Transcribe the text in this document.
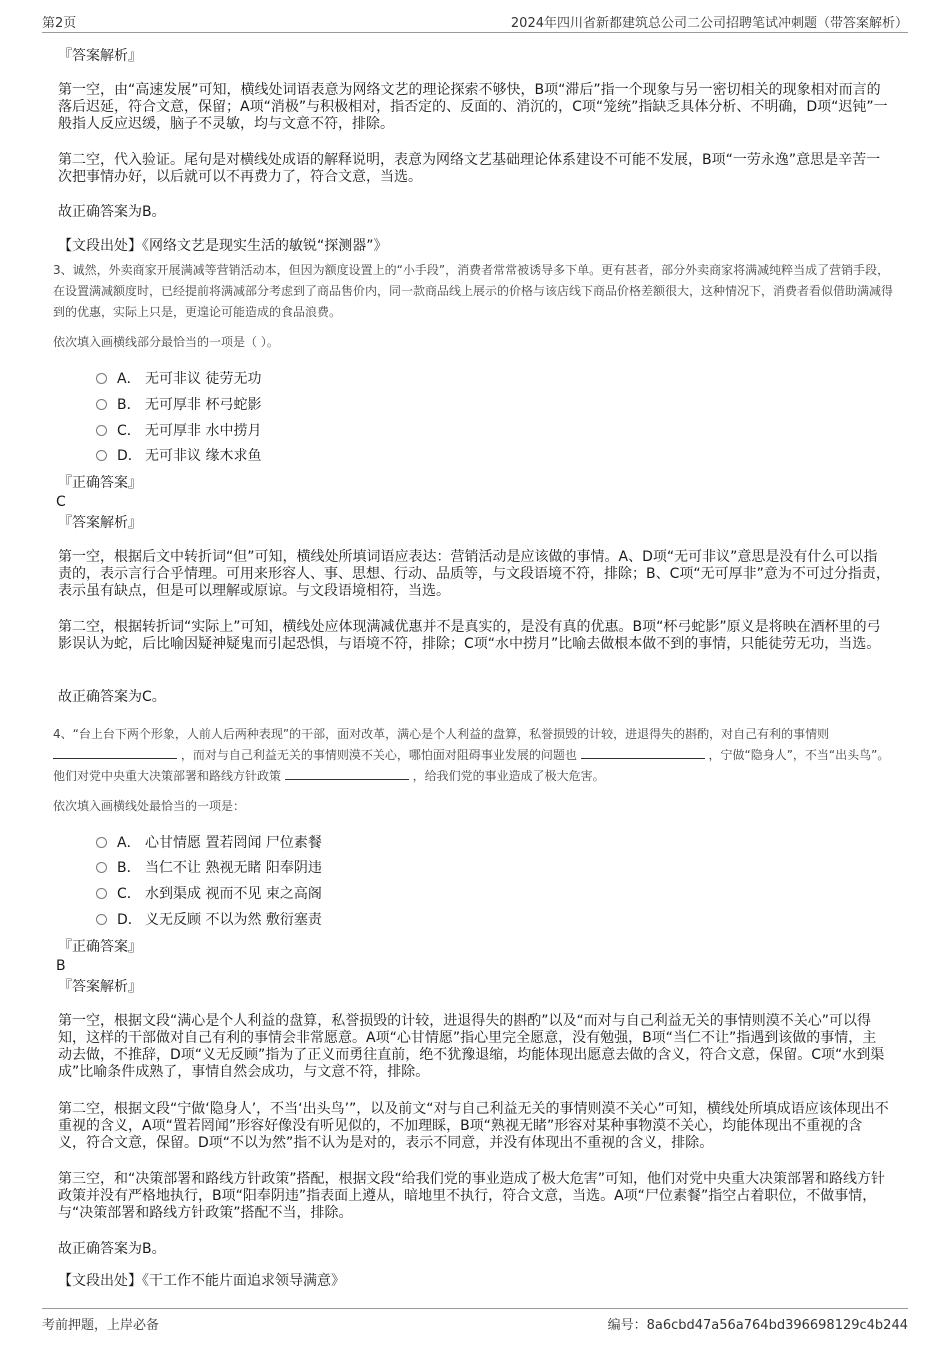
第2页	2024年四川省新都建筑总公司二公司招聘笔试冲刺题（带答案解析）
『答案解析』
第一空，由“高速发展”可知，横线处词语表意为网络文艺的理论探索不够快，B项“滞后”指一个现象与另一密切相关的现象相对而言的落后迟延，符合文意，保留；A项“消极”与积极相对，指否定的、反面的、消沉的，C项“笼统”指缺乏具体分析、不明确，D项“迟钝”一般指人反应迟缓，脑子不灵敏，均与文意不符，排除。
第二空，代入验证。尾句是对横线处成语的解释说明，表意为网络文艺基础理论体系建设不可能不发展，B项“一劳永逸”意思是辛苦一次把事情办好，以后就可以不再费力了，符合文意，当选。
故正确答案为B。
【文段出处】《网络文艺是现实生活的敏锐“探测器”》
3、诚然，外卖商家开展满减等营销活动本，但因为额度设置上的“小手段”，消费者常常被诱导多下单。更有甚者，部分外卖商家将满减纯粹当成了营销手段，在设置满减额度时，已经提前将满减部分考虑到了商品售价内，同一款商品线上展示的价格与该店线下商品价格差额很大，这种情况下，消费者看似借助满减得到的优惠，实际上只是，更遑论可能造成的食品浪费。
依次填入画横线部分最恰当的一项是（ ）。
A． 无可非议 徒劳无功
B． 无可厚非 杯弓蛇影
C． 无可厚非 水中捞月
D． 无可非议 缘木求鱼
『正确答案』
C
『答案解析』
第一空，根据后文中转折词“但”可知，横线处所填词语应表达：营销活动是应该做的事情。A、D项“无可非议”意思是没有什么可以指责的，表示言行合乎情理。可用来形容人、事、思想、行动、品质等，与文段语境不符，排除；B、C项“无可厚非”意为不可过分指责，表示虽有缺点，但是可以理解或原谅。与文段语境相符，当选。
第二空，根据转折词“实际上”可知，横线处应体现满减优惠并不是真实的，是没有真的优惠。B项“杯弓蛇影”原义是将映在酒杯里的弓影误认为蛇，后比喻因疑神疑鬼而引起恐惧，与语境不符，排除；C项“水中捞月”比喻去做根本做不到的事情，只能徒劳无功，当选。
故正确答案为C。
4、“台上台下两个形象，人前人后两种表现”的干部，面对改革，满心是个人利益的盘算，私誉损毁的计较，进退得失的斟酌，对自己有利的事情则  ，而对与自己利益无关的事情则漠不关心，哪怕面对阻碍事业发展的问题也	，宁做“隐身人”，不当“出头鸟”。他们对党中央重大决策部署和路线方针政策	，给我们党的事业造成了极大危害。
依次填入画横线处最恰当的一项是：
A． 心甘情愿 置若罔闻 尸位素餐
B． 当仁不让 熟视无睹 阳奉阴违
C． 水到渠成 视而不见 束之高阁
D． 义无反顾 不以为然 敷衍塞责
『正确答案』
B
『答案解析』
第一空，根据文段“满心是个人利益的盘算，私誉损毁的计较，进退得失的斟酌”以及“而对与自己利益无关的事情则漠不关心”可以得知，这样的干部做对自己有利的事情会非常愿意。A项“心甘情愿”指心里完全愿意，没有勉强，B项“当仁不让”指遇到该做的事情，主动去做，不推辞，D项“义无反顾”指为了正义而勇往直前，绝不犹豫退缩，均能体现出愿意去做的含义，符合文意，保留。C项“水到渠成”比喻条件成熟了，事情自然会成功，与文意不符，排除。
第二空，根据文段“宁做‘隐身人’，不当‘出头鸟’”，以及前文“对与自己利益无关的事情则漠不关心”可知，横线处所填成语应该体现出不重视的含义，A项“置若罔闻”形容好像没有听见似的，不加理睬，B项“熟视无睹”形容对某种事物漠不关心，均能体现出不重视的含义，符合文意，保留。D项“不以为然”指不认为是对的，表示不同意，并没有体现出不重视的含义，排除。
第三空，和“决策部署和路线方针政策”搭配，根据文段“给我们党的事业造成了极大危害”可知，他们对党中央重大决策部署和路线方针政策并没有严格地执行，B项“阳奉阴违”指表面上遵从，暗地里不执行，符合文意，当选。A项“尸位素餐”指空占着职位，不做事情，与“决策部署和路线方针政策”搭配不当，排除。
故正确答案为B。
【文段出处】《干工作不能片面追求领导满意》
考前押题，上岸必备	编号：8a6cbd47a56a764bd396698129c4b244
